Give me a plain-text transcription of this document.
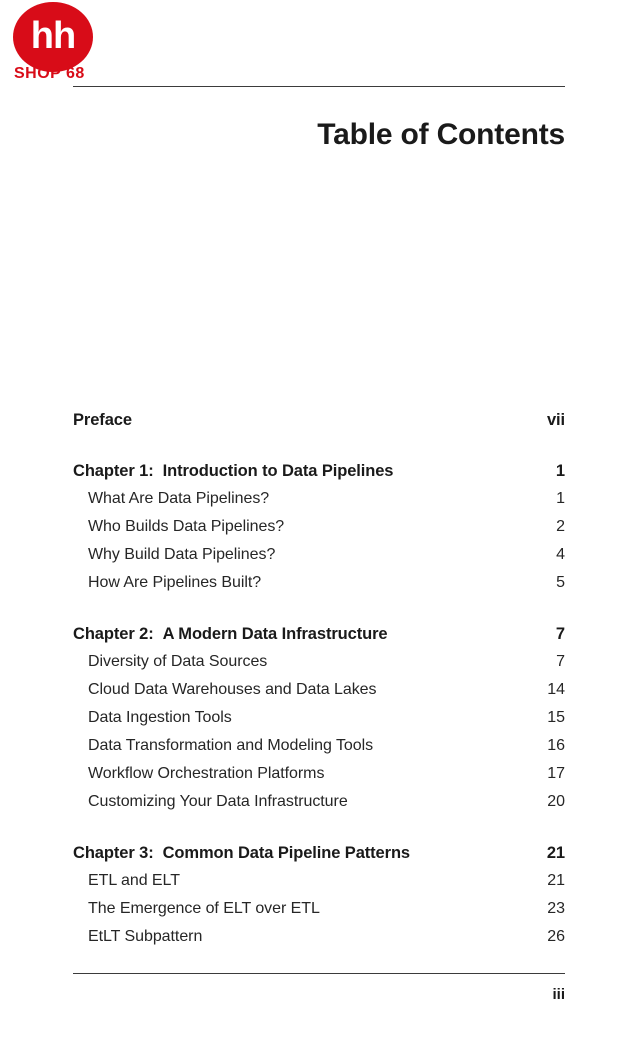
hh
SHOP 68
Table of Contents
Preface	vii
Chapter 1: Introduction to Data Pipelines	1
What Are Data Pipelines?	1
Who Builds Data Pipelines?	2
Why Build Data Pipelines?	4
How Are Pipelines Built?	5
Chapter 2: A Modern Data Infrastructure	7
Diversity of Data Sources	7
Cloud Data Warehouses and Data Lakes	14
Data Ingestion Tools	15
Data Transformation and Modeling Tools	16
Workflow Orchestration Platforms	17
Customizing Your Data Infrastructure	20
Chapter 3: Common Data Pipeline Patterns	21
ETL and ELT	21
The Emergence of ELT over ETL	23
EtLT Subpattern	26
iii
